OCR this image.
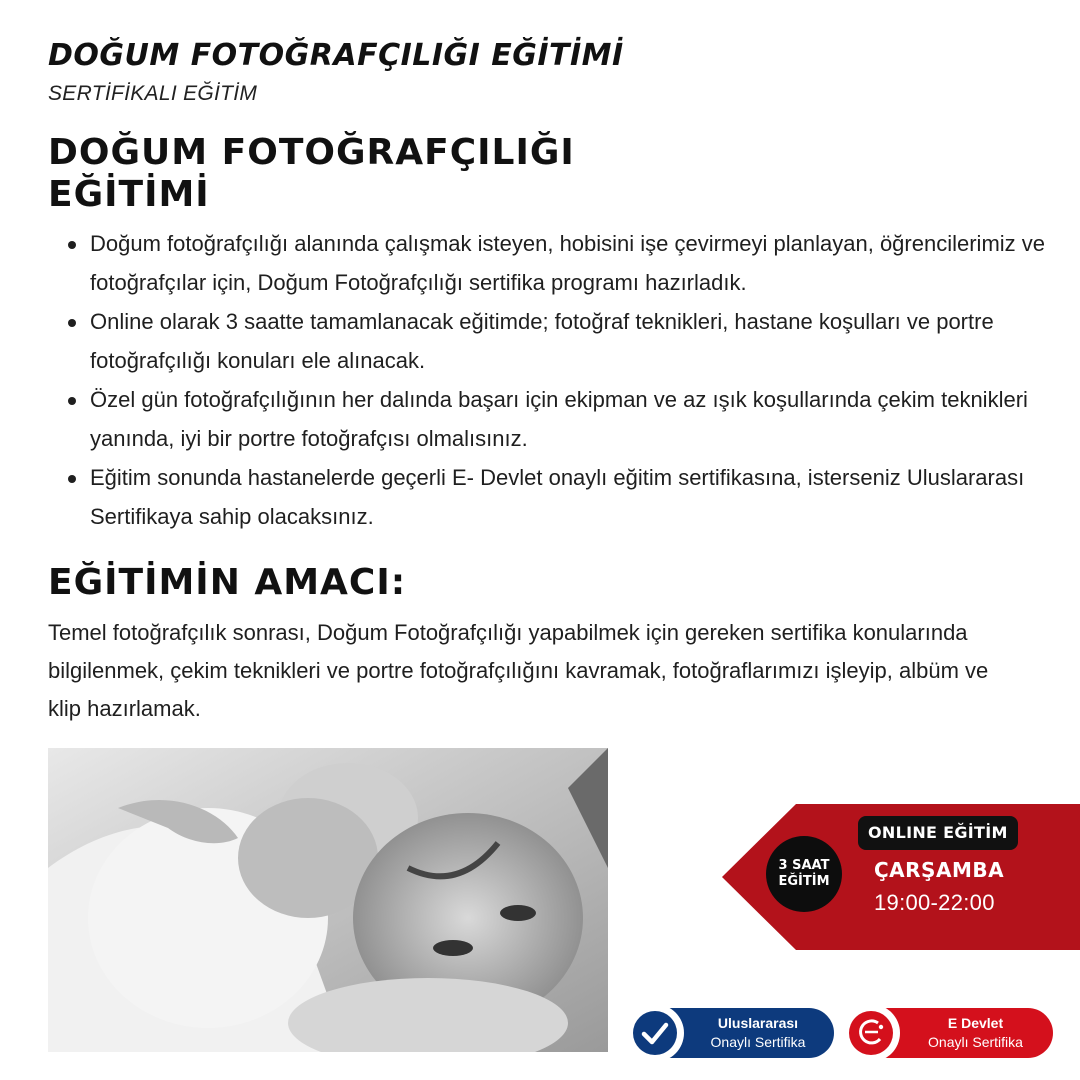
DOĞUM FOTOĞRAFÇILIĞI EĞİTİMİ
SERTİFİKALI EĞİTİM
DOĞUM FOTOĞRAFÇILIĞI
EĞİTİMİ
Doğum fotoğrafçılığı alanında çalışmak isteyen, hobisini işe çevirmeyi planlayan, öğrencilerimiz ve fotoğrafçılar için, Doğum Fotoğrafçılığı sertifika programı hazırladık.
Online olarak 3 saatte tamamlanacak eğitimde; fotoğraf teknikleri, hastane koşulları ve portre fotoğrafçılığı konuları ele alınacak.
Özel gün fotoğrafçılığının her dalında başarı için ekipman ve az ışık koşullarında çekim teknikleri yanında, iyi bir portre fotoğrafçısı olmalısınız.
Eğitim sonunda hastanelerde geçerli E- Devlet onaylı eğitim sertifikasına, isterseniz Uluslararası Sertifikaya sahip olacaksınız.
EĞİTİMİN AMACI:

Temel fotoğrafçılık sonrası, Doğum Fotoğrafçılığı yapabilmek için gereken sertifika konularında bilgilenmek, çekim teknikleri ve portre fotoğrafçılığını kavramak, fotoğraflarımızı işleyip, albüm ve klip hazırlamak.

3 SAAT
EĞİTİM
ONLINE EĞİTİM
ÇARŞAMBA
19:00-22:00
Uluslararası
Onaylı Sertifika
E Devlet
Onaylı Sertifika
